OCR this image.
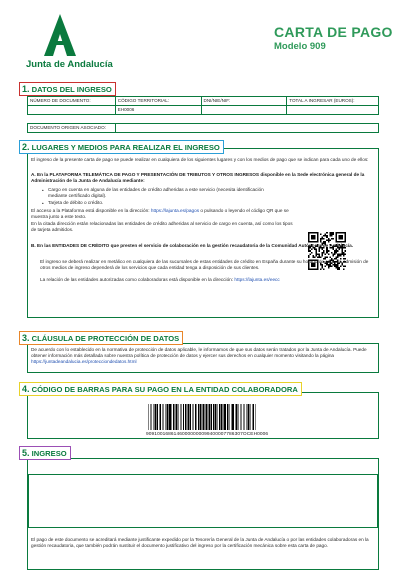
Junta de Andalucía
CARTA DE PAGO
Modelo 909
1. DATOS DEL INGRESO
NÚMERO DE DOCUMENTO:	CÓDIGO TERRITORIAL:	DNI/NIE/NIF:	TOTAL A INGRESAR (EUROS):
	EH0006		
DOCUMENTO ORIGEN ASOCIADO:	
2. LUGARES Y MEDIOS PARA REALIZAR EL INGRESO
El ingreso de la presente carta de pago se puede realizar en cualquiera de los siguientes lugares y con los medios de pago que se indican para cada uno de ellos:
A. En la PLATAFORMA TELEMÁTICA DE PAGO Y PRESENTACIÓN DE TRIBUTOS Y OTROS INGRESOS disponible en la Sede electrónica general de la Administración de la Junta de Andalucía mediante:
• Cargo en cuenta en alguna de las entidades de crédito adheridas a este servicio (necesita identificación mediante certificado digital).
• Tarjeta de débito o crédito.
El acceso a la Plataforma está disponible en la dirección: https://lajunta.es/pagos o pulsando o leyendo el código QR que se muestra junto a este texto.
En la citada dirección están relacionadas las entidades de crédito adheridas al servicio de cargo en cuenta, así como los tipos de tarjeta admitidos.
B. En las ENTIDADES DE CRÉDITO que presten el servicio de colaboración en la gestión recaudatoria de la Comunidad Autónoma de Andalucía.
El ingreso se deberá realizar en metálico en cualquiera de las sucursales de estas entidades de crédito en España durante su horario de caja. La admisión de otros medios de ingreso dependerá de los servicios que cada entidad tenga a disposición de sus clientes.
La relación de las entidades autorizadas como colaboradoras está disponible en la dirección: https://lajunta.es/eecc
3. CLÁUSULA DE PROTECCIÓN DE DATOS
De acuerdo con lo establecido en la normativa de protección de datos aplicable, le informamos de que sus datos serán tratados por la Junta de Andalucía. Puede obtener información más detallada sobre nuestra política de protección de datos y ejercer sus derechos en cualquier momento visitando la página https://juntadeandalucia.es/protecciondedatos.html
4. CÓDIGO DE BARRAS PARA SU PAGO EN LA ENTIDAD COLABORADORA
90910016861460000000099400007786307OCEH0006
5. INGRESO
El pago de este documento se acreditará mediante justificante expedido por la Tesorería General de la Junta de Andalucía o por las entidades colaboradoras en la gestión recaudatoria, que también podrán sustituir el documento justificativo del ingreso por la certificación mecánica sobre esta carta de pago.
